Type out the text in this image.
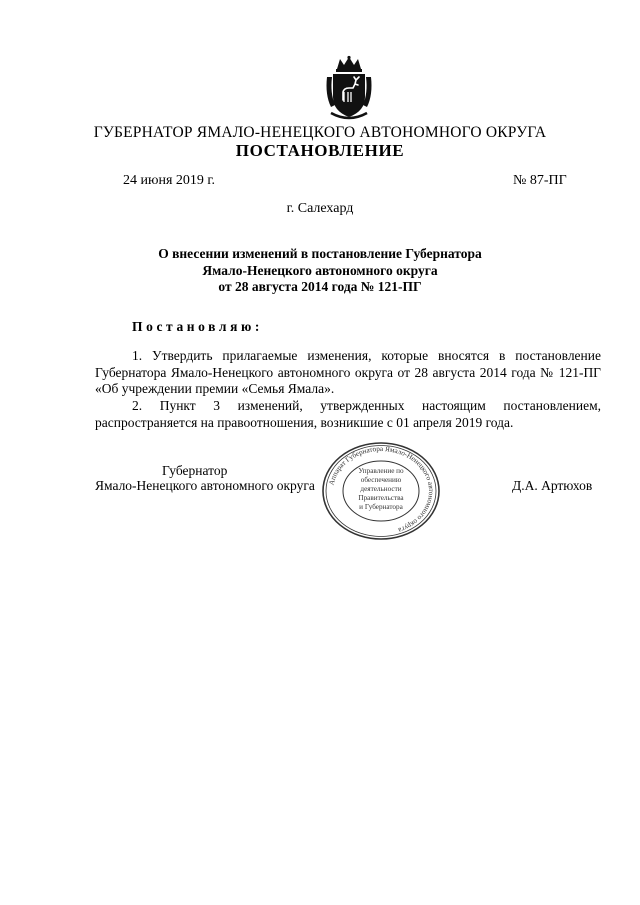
ГУБЕРНАТОР ЯМАЛО-НЕНЕЦКОГО АВТОНОМНОГО ОКРУГА
ПОСТАНОВЛЕНИЕ
24 июня 2019 г.	№ 87-ПГ
г. Салехард
О внесении изменений в постановление Губернатора
Ямало-Ненецкого автономного округа
от 28 августа 2014 года № 121-ПГ
Постановляю:

1. Утвердить прилагаемые изменения, которые вносятся в постановление Губернатора Ямало-Ненецкого автономного округа от 28 августа 2014 года № 121-ПГ «Об учреждении премии «Семья Ямала».

2. Пункт 3 изменений, утвержденных настоящим постановлением, распространяется на правоотношения, возникшие с 01 апреля 2019 года.

Губернатор
Ямало-Ненецкого автономного округа	Д.А. Артюхов
Аппарат Губернатора Ямало-Ненецкого автономного округа
Управление по
обеспечению
деятельности
Правительства
и Губернатора
